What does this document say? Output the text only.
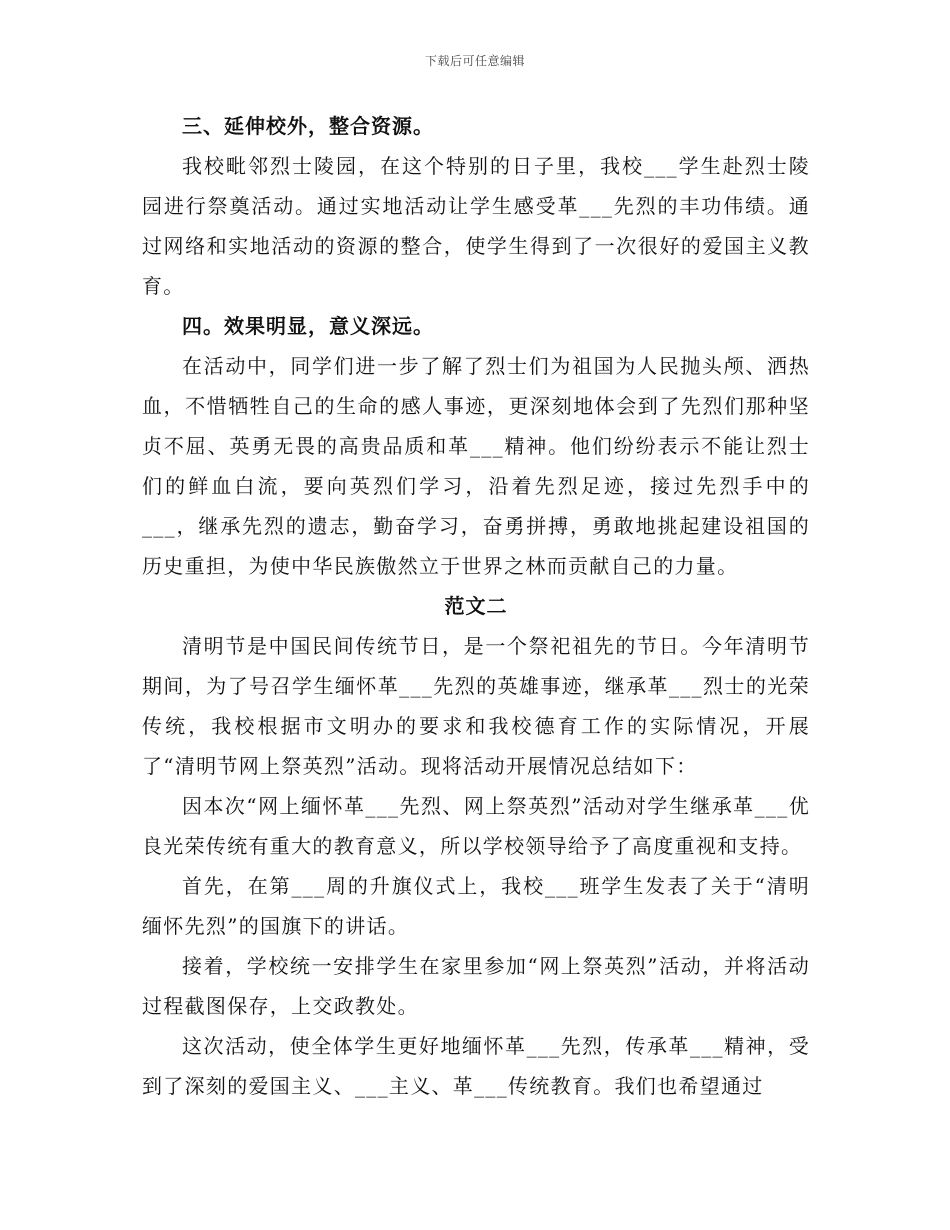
下载后可任意编辑

三、延伸校外，整合资源。

我校毗邻烈士陵园，在这个特别的日子里，我校___学生赴烈士陵园进行祭奠活动。通过实地活动让学生感受革___先烈的丰功伟绩。通过网络和实地活动的资源的整合，使学生得到了一次很好的爱国主义教育。

四。效果明显，意义深远。

在活动中，同学们进一步了解了烈士们为祖国为人民抛头颅、洒热血，不惜牺牲自己的生命的感人事迹，更深刻地体会到了先烈们那种坚贞不屈、英勇无畏的高贵品质和革___精神。他们纷纷表示不能让烈士们的鲜血白流，要向英烈们学习，沿着先烈足迹，接过先烈手中的___，继承先烈的遗志，勤奋学习，奋勇拼搏，勇敢地挑起建设祖国的历史重担，为使中华民族傲然立于世界之林而贡献自己的力量。

范文二

清明节是中国民间传统节日，是一个祭祀祖先的节日。今年清明节期间，为了号召学生缅怀革___先烈的英雄事迹，继承革___烈士的光荣传统，我校根据市文明办的要求和我校德育工作的实际情况，开展了“清明节网上祭英烈”活动。现将活动开展情况总结如下：

因本次“网上缅怀革___先烈、网上祭英烈”活动对学生继承革___优良光荣传统有重大的教育意义，所以学校领导给予了高度重视和支持。

首先，在第___周的升旗仪式上，我校___班学生发表了关于“清明缅怀先烈”的国旗下的讲话。

接着，学校统一安排学生在家里参加“网上祭英烈”活动，并将活动过程截图保存，上交政教处。

这次活动，使全体学生更好地缅怀革___先烈，传承革___精神，受到了深刻的爱国主义、___主义、革___传统教育。我们也希望通过
